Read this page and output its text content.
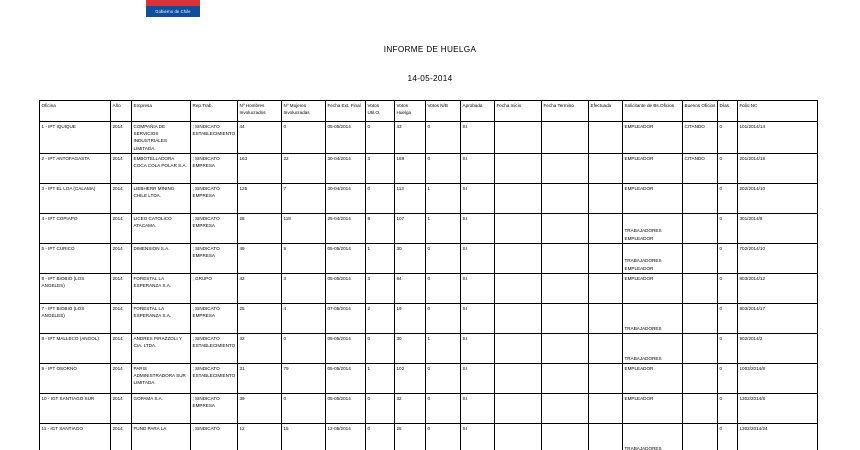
Gobierno de Chile
INFORME DE HUELGA
14-05-2014
Oficina	Año	Empresa	Rep.Trab.	Nº Hombres Involucrados	Nº Mujeres Involucradas	Fecha Ext. Final	Votos Util.O.	Votos Huelga	Votos N/B	Aprobada	Fecha Inicio	Fecha Termino	Efectuada	Solicitante de Bs.Oficios	Buenos Oficios	Días	Folio NC
1 - IPT IQUIQUE	2014	COMPAÑIA DE SERVICIOS INDUSTRIALES LIMITADA.	; SINDICATO ESTABLECIMIENTO	44	0	05-05/2014	0	43	0	SI				EMPLEADOR	CITANDO	0	101/2014/14
2 - IPT ANTOFAGASTA	2014	EMBOTELLADORA COCA COLA POLAR S.A.	; SINDICATO EMPRESA	163	22	30-04/2014	3	169	0	SI				EMPLEADOR	CITANDO	0	201/2014/18
3 - IPT EL LOA (CALAMA)	2014	LIEBHERR MINING CHILE LTDA.	; SINDICATO EMPRESA	125	7	30-04/2014	0	113	1	SI				EMPLEADOR		0	202/2014/10
4 - IPT COPIAPO	2014	LICEO CATOLICO ATACAMA.	; SINDICATO EMPRESA	28	118	25-04/2014	8	107	1	SI				TRABAJADORES EMPLEADOR		0	301/2014/8
5 - IPT CURICO	2014	DIMENSION S.A.	; SINDICATO EMPRESA	49	9	05-05/2014	1	30	0	SI				TRABAJADORES EMPLEADOR		0	702/2014/10
8 - IPT BIOBIO (LOS ANGELES)	2014	FORESTAL LA ESPERANZA S.A.	; GRUPO	42	3	05-05/2014	3	84	0	SI				EMPLEADOR		0	803/2014/12
7 - IPT BIOBIO (LOS ANGELES)	2014	FORESTAL LA ESPERANZA S.A.	; SINDICATO EMPRESA	25	4	07-05/2014	2	19	0	SI				TRABAJADORES		0	803/2014/17
8 - IPT MALLECO (ANGOL)	2014	ANDRES PIRAZZOLI Y CIA. LTDA.	; SINDICATO ESTABLECIMIENTO	32	0	05-05/2014	0	30	1	SI				TRABAJADORES		0	902/2014/2
9 - IPT OSORNO	2014	PARIS ADMINISTRADORA SUR LIMITADA.	; SINDICATO ESTABLECIMIENTO	31	79	05-05/2014	1	102	0	SI				EMPLEADOR		0	1003/2014/8
10 - IGT SANTIAGO SUR	2014	GOPAMA S.A.	; SINDICATO EMPRESA	39	0	05-05/2014	0	32	0	SI				EMPLEADOR		0	1302/2014/8
11 - IGT SANTIAGO	2014	FUND PARA LA	; SINDICATO	12	15	12-05/2014	0	25	0	SI				TRABAJADORES		0	1302/2014/24
